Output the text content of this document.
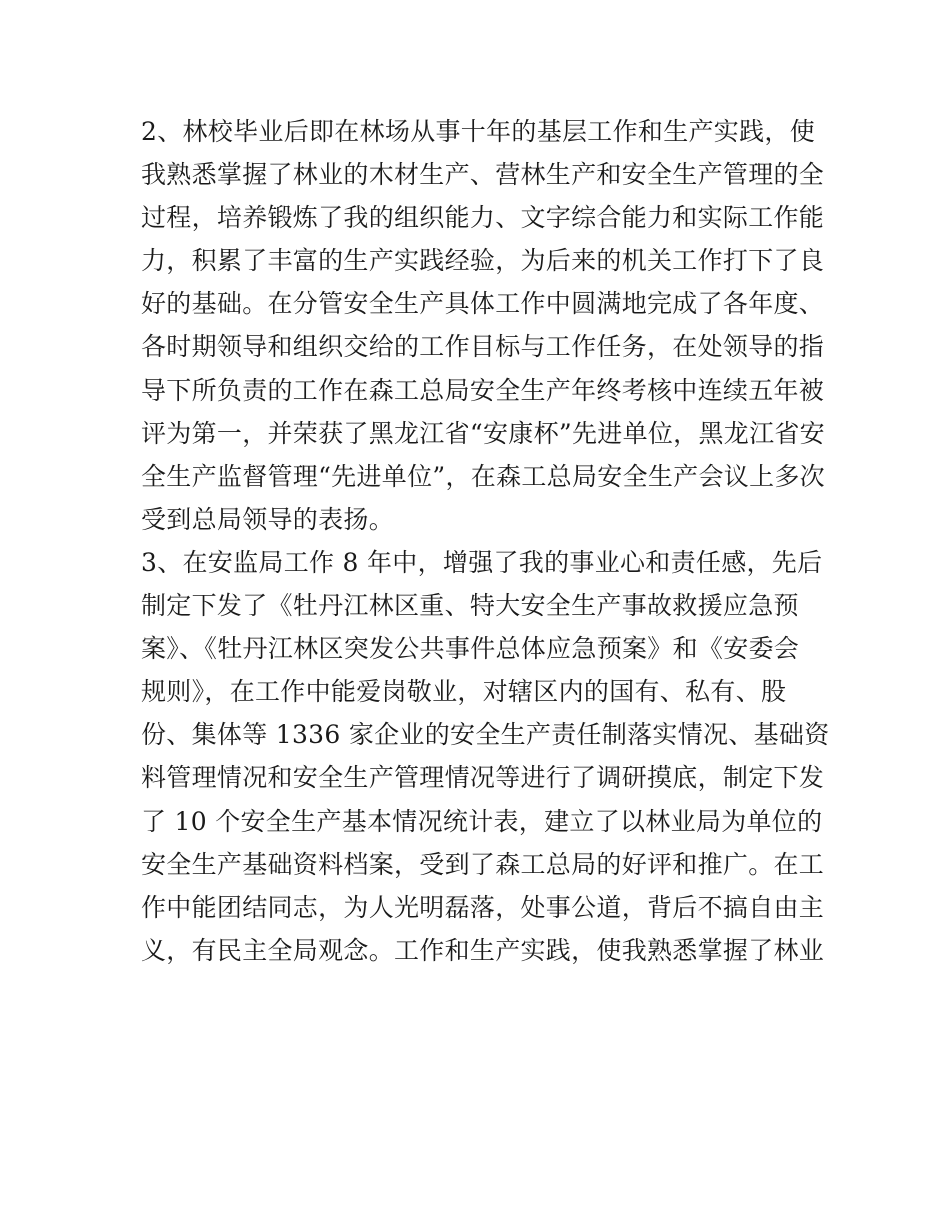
2、林校毕业后即在林场从事十年的基层工作和生产实践，使
我熟悉掌握了林业的木材生产、营林生产和安全生产管理的全
过程，培养锻炼了我的组织能力、文字综合能力和实际工作能
力，积累了丰富的生产实践经验，为后来的机关工作打下了良
好的基础。在分管安全生产具体工作中圆满地完成了各年度、
各时期领导和组织交给的工作目标与工作任务，在处领导的指
导下所负责的工作在森工总局安全生产年终考核中连续五年被
评为第一，并荣获了黑龙江省“安康杯”先进单位，黑龙江省安
全生产监督管理“先进单位”，在森工总局安全生产会议上多次
受到总局领导的表扬。
3、在安监局工作 8 年中，增强了我的事业心和责任感，先后
制定下发了《牡丹江林区重、特大安全生产事故救援应急预
案》、《牡丹江林区突发公共事件总体应急预案》和《安委会
规则》，在工作中能爱岗敬业，对辖区内的国有、私有、股
份、集体等 1336 家企业的安全生产责任制落实情况、基础资
料管理情况和安全生产管理情况等进行了调研摸底，制定下发
了 10 个安全生产基本情况统计表，建立了以林业局为单位的
安全生产基础资料档案，受到了森工总局的好评和推广。在工
作中能团结同志，为人光明磊落，处事公道，背后不搞自由主
义，有民主全局观念。工作和生产实践，使我熟悉掌握了林业
